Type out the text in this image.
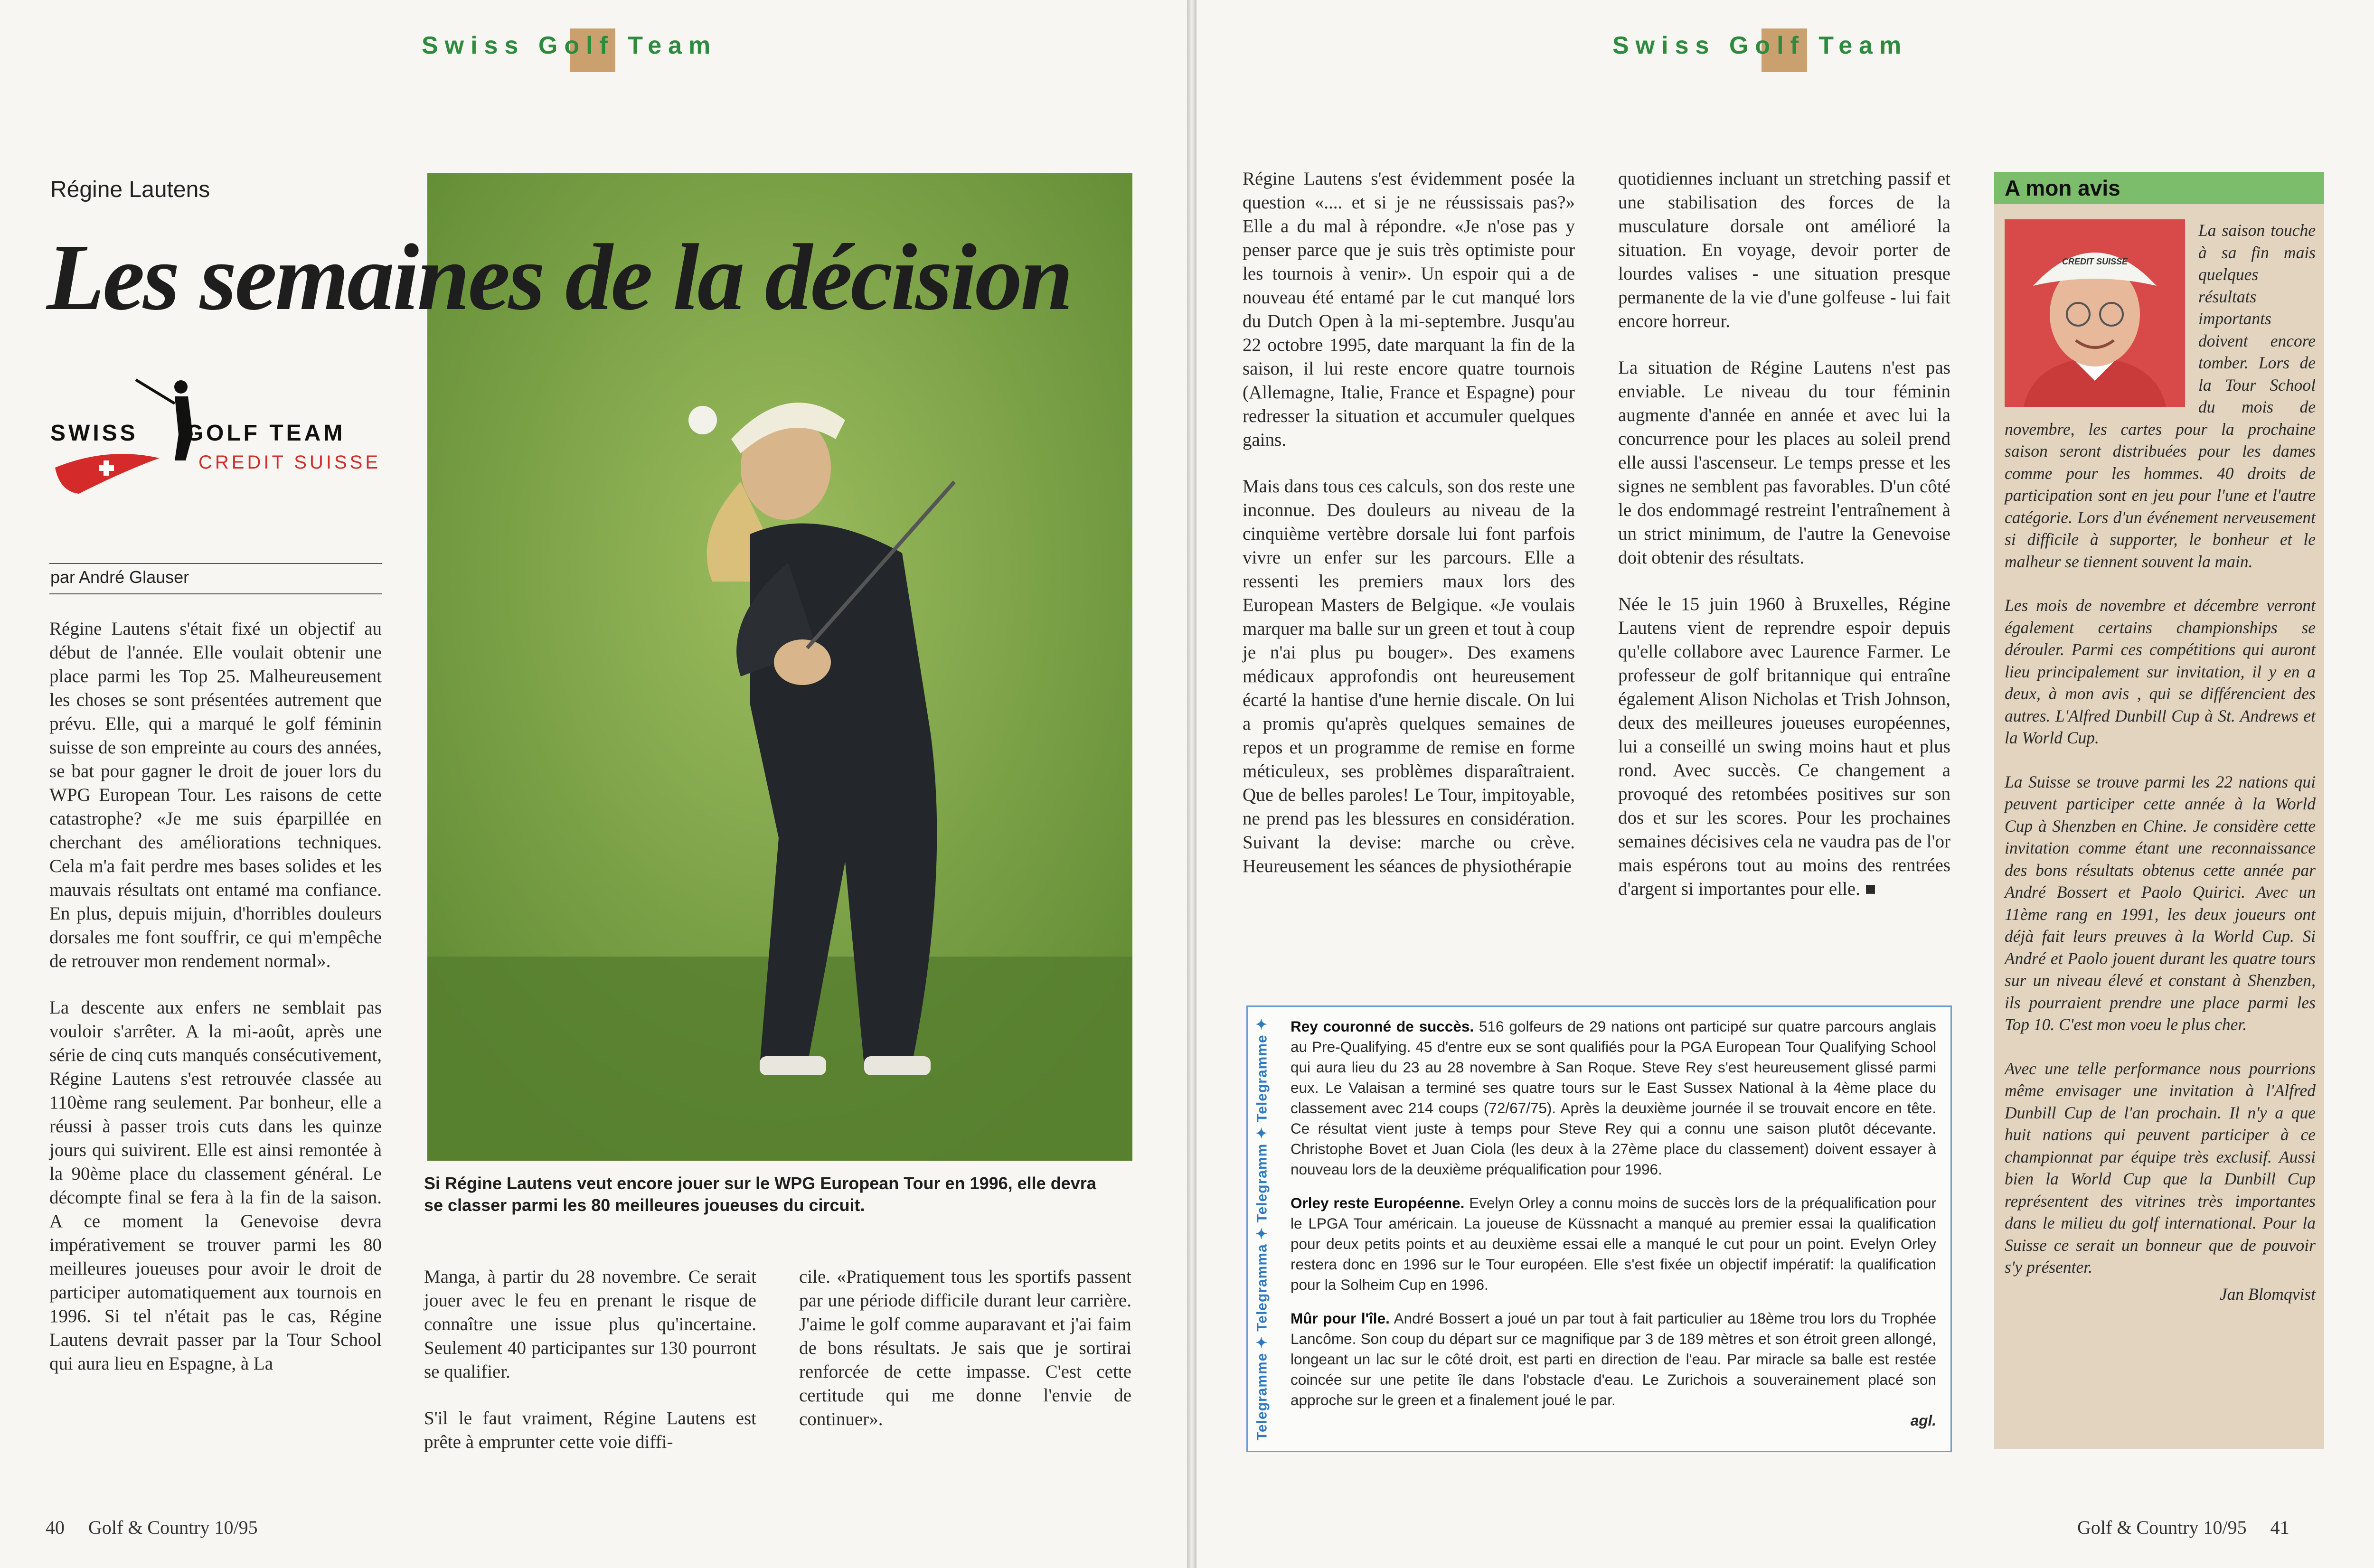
Swiss Golf Team	Swiss Golf Team
Régine Lautens
Les semaines de la décision
SWISS GOLF TEAM
CREDIT SUISSE
par André Glauser

Régine Lautens s'était fixé un objectif au début de l'année. Elle voulait obtenir une place parmi les Top 25. Malheureusement les choses se sont présentées autrement que prévu. Elle, qui a marqué le golf féminin suisse de son empreinte au cours des années, se bat pour gagner le droit de jouer lors du WPG European Tour. Les raisons de cette catastrophe? «Je me suis éparpillée en cherchant des améliorations techniques. Cela m'a fait perdre mes bases solides et les mauvais résultats ont entamé ma confiance. En plus, depuis mijuin, d'horribles douleurs dorsales me font souffrir, ce qui m'empêche de retrouver mon rendement normal».

La descente aux enfers ne semblait pas vouloir s'arrêter. A la mi-août, après une série de cinq cuts manqués consécutivement, Régine Lautens s'est retrouvée classée au 110ème rang seulement. Par bonheur, elle a réussi à passer trois cuts dans les quinze jours qui suivirent. Elle est ainsi remontée à la 90ème place du classement général. Le décompte final se fera à la fin de la saison. A ce moment la Genevoise devra impérativement se trouver parmi les 80 meilleures joueuses pour avoir le droit de participer automatiquement aux tournois en 1996. Si tel n'était pas le cas, Régine Lautens devrait passer par la Tour School qui aura lieu en Espagne, à La

Si Régine Lautens veut encore jouer sur le WPG European Tour en 1996, elle devra se classer parmi les 80 meilleures joueuses du circuit.

Manga, à partir du 28 novembre. Ce serait jouer avec le feu en prenant le risque de connaître une issue plus qu'incertaine. Seulement 40 participantes sur 130 pourront se qualifier.

S'il le faut vraiment, Régine Lautens est prête à emprunter cette voie diffi-

cile. «Pratiquement tous les sportifs passent par une période difficile durant leur carrière. J'aime le golf comme auparavant et j'ai faim de bons résultats. Je sais que je sortirai renforcée de cette impasse. C'est cette certitude qui me donne l'envie de continuer».

40     Golf & Country 10/95

Régine Lautens s'est évidemment posée la question «.... et si je ne réussissais pas?» Elle a du mal à répondre. «Je n'ose pas y penser parce que je suis très optimiste pour les tournois à venir». Un espoir qui a de nouveau été entamé par le cut manqué lors du Dutch Open à la mi-septembre. Jusqu'au 22 octobre 1995, date marquant la fin de la saison, il lui reste encore quatre tournois (Allemagne, Italie, France et Espagne) pour redresser la situation et accumuler quelques gains.

Mais dans tous ces calculs, son dos reste une inconnue. Des douleurs au niveau de la cinquième vertèbre dorsale lui font parfois vivre un enfer sur les parcours. Elle a ressenti les premiers maux lors des European Masters de Belgique. «Je voulais marquer ma balle sur un green et tout à coup je n'ai plus pu bouger». Des examens médicaux approfondis ont heureusement écarté la hantise d'une hernie discale. On lui a promis qu'après quelques semaines de repos et un programme de remise en forme méticuleux, ses problèmes disparaîtraient. Que de belles paroles! Le Tour, impitoyable, ne prend pas les blessures en considération. Suivant la devise: marche ou crève. Heureusement les séances de physiothérapie

quotidiennes incluant un stretching passif et une stabilisation des forces de la musculature dorsale ont amélioré la situation. En voyage, devoir porter de lourdes valises - une situation presque permanente de la vie d'une golfeuse - lui fait encore horreur.

La situation de Régine Lautens n'est pas enviable. Le niveau du tour féminin augmente d'année en année et avec lui la concurrence pour les places au soleil prend elle aussi l'ascenseur. Le temps presse et les signes ne semblent pas favorables. D'un côté le dos endommagé restreint l'entraînement à un strict minimum, de l'autre la Genevoise doit obtenir des résultats.

Née le 15 juin 1960 à Bruxelles, Régine Lautens vient de reprendre espoir depuis qu'elle collabore avec Laurence Farmer. Le professeur de golf britannique qui entraîne également Alison Nicholas et Trish Johnson, deux des meilleures joueuses européennes, lui a conseillé un swing moins haut et plus rond. Avec succès. Ce changement a provoqué des retombées positives sur son dos et sur les scores. Pour les prochaines semaines décisives cela ne vaudra pas de l'or mais espérons tout au moins des rentrées d'argent si importantes pour elle. ■

Telegramme ✦ Telegramma ✦ Telegramm ✦ Telegramme ✦ Rey couronné de succès. 516 golfeurs de 29 nations ont participé sur quatre parcours anglais au Pre-Qualifying. 45 d'entre eux se sont qualifiés pour la PGA European Tour Qualifying School qui aura lieu du 23 au 28 novembre à San Roque. Steve Rey s'est heureusement glissé parmi eux. Le Valaisan a terminé ses quatre tours sur le East Sussex National à la 4ème place du classement avec 214 coups (72/67/75). Après la deuxième journée il se trouvait encore en tête. Ce résultat vient juste à temps pour Steve Rey qui a connu une saison plutôt décevante. Christophe Bovet et Juan Ciola (les deux à la 27ème place du classement) doivent essayer à nouveau lors de la deuxième préqualification pour 1996.

Orley reste Européenne. Evelyn Orley a connu moins de succès lors de la préqualification pour le LPGA Tour américain. La joueuse de Küssnacht a manqué au premier essai la qualification pour deux petits points et au deuxième essai elle a manqué le cut pour un point. Evelyn Orley restera donc en 1996 sur le Tour européen. Elle s'est fixée un objectif impératif: la qualification pour la Solheim Cup en 1996.

Mûr pour l'île. André Bossert a joué un par tout à fait particulier au 18ème trou lors du Trophée Lancôme. Son coup du départ sur ce magnifique par 3 de 189 mètres et son étroit green allongé, longeant un lac sur le côté droit, est parti en direction de l'eau. Par miracle sa balle est restée coincée sur une petite île dans l'obstacle d'eau. Le Zurichois a souverainement placé son approche sur le green et a finalement joué le par.

agl.
A mon avis
CREDIT SUISSE

La saison touche à sa fin mais quelques résultats importants doivent encore tomber. Lors de la Tour School du mois de novembre, les cartes pour la prochaine saison seront distribuées pour les dames comme pour les hommes. 40 droits de participation sont en jeu pour l'une et l'autre catégorie. Lors d'un événement nerveusement si difficile à supporter, le bonheur et le malheur se tiennent souvent la main.

Les mois de novembre et décembre verront également certains championships se dérouler. Parmi ces compétitions qui auront lieu principalement sur invitation, il y en a deux, à mon avis , qui se différencient des autres. L'Alfred Dunbill Cup à St. Andrews et la World Cup.

La Suisse se trouve parmi les 22 nations qui peuvent participer cette année à la World Cup à Shenzben en Chine. Je considère cette invitation comme étant une reconnaissance des bons résultats obtenus cette année par André Bossert et Paolo Quirici. Avec un 11ème rang en 1991, les deux joueurs ont déjà fait leurs preuves à la World Cup. Si André et Paolo jouent durant les quatre tours sur un niveau élevé et constant à Shenzben, ils pourraient prendre une place parmi les Top 10. C'est mon voeu le plus cher.

Avec une telle performance nous pourrions même envisager une invitation à l'Alfred Dunbill Cup de l'an prochain. Il n'y a que huit nations qui peuvent participer à ce championnat par équipe très exclusif. Aussi bien la World Cup que la Dunbill Cup représentent des vitrines très importantes dans le milieu du golf international. Pour la Suisse ce serait un bonneur que de pouvoir s'y présenter.

Jan Blomqvist
Golf & Country 10/95     41
